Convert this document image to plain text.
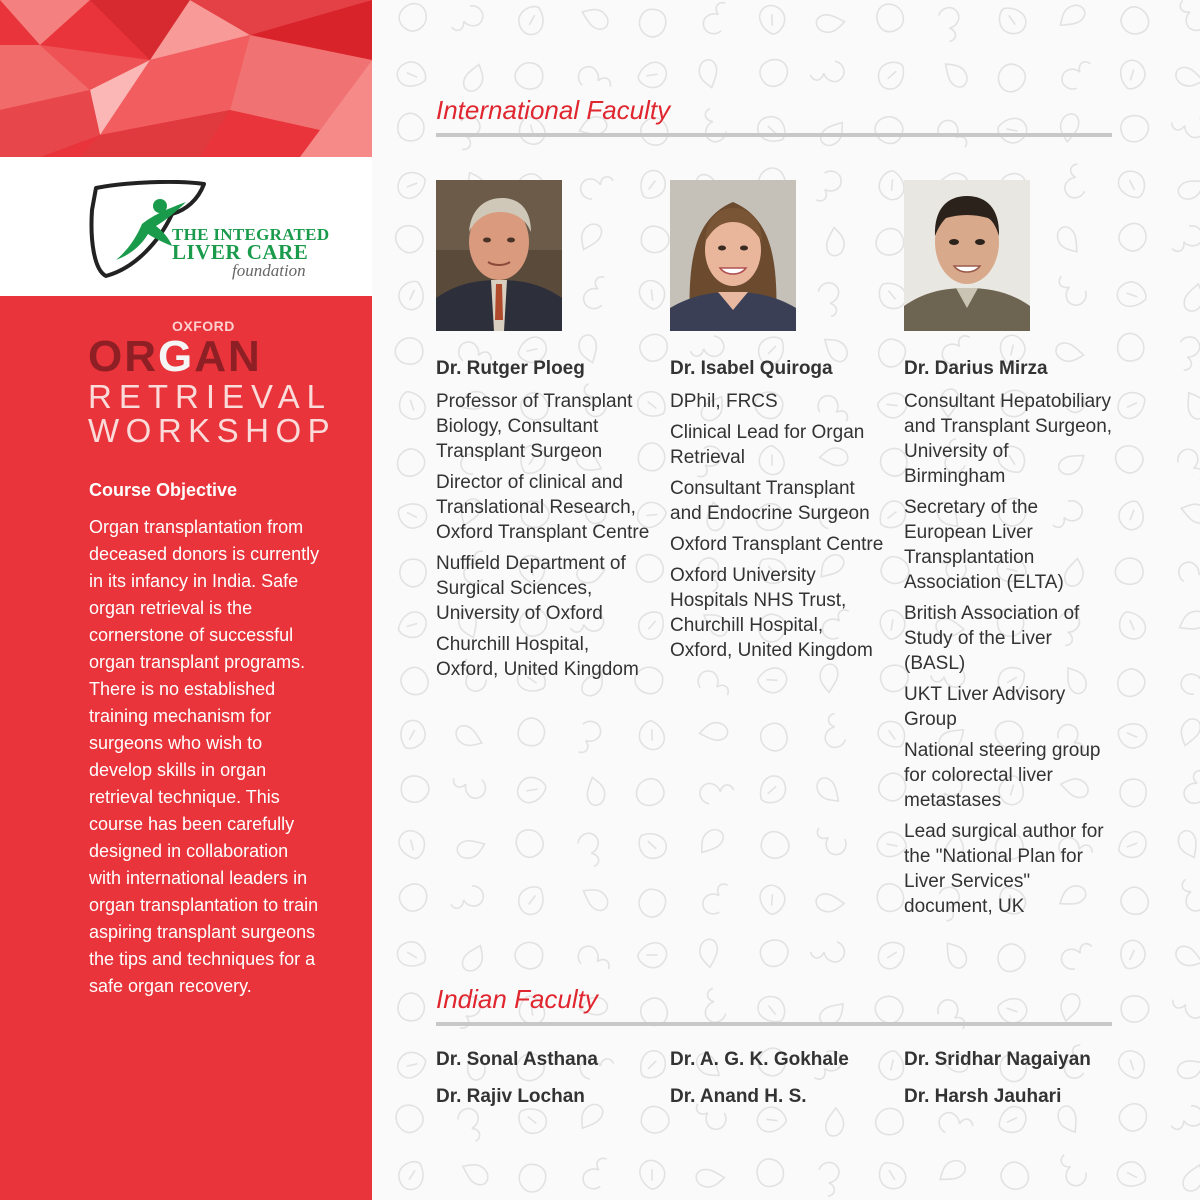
THE INTEGRATED
LIVER CARE
foundation
OXFORD
ORGAN
RETRIEVAL
WORKSHOP
Course Objective
Organ transplantation from deceased donors is currently in its infancy in India. Safe organ retrieval is the cornerstone of successful organ transplant programs. There is no established training mechanism for surgeons who wish to develop skills in organ retrieval technique. This course has been carefully designed in collaboration with international leaders in organ transplantation to train aspiring transplant surgeons the tips and techniques for a safe organ recovery.
International Faculty
Dr. Rutger Ploeg
Professor of Transplant Biology, Consultant Transplant Surgeon
Director of clinical and Translational Research, Oxford Transplant Centre
Nuffield Department of Surgical Sciences, University of Oxford
Churchill Hospital, Oxford, United Kingdom
Dr. Isabel Quiroga
DPhil, FRCS
Clinical Lead for Organ Retrieval
Consultant Transplant and Endocrine Surgeon
Oxford Transplant Centre
Oxford University Hospitals NHS Trust, Churchill Hospital, Oxford, United Kingdom
Dr. Darius Mirza
Consultant Hepatobiliary and Transplant Surgeon, University of Birmingham
Secretary of the European Liver Transplantation Association (ELTA)
British Association of Study of the Liver (BASL)
UKT Liver Advisory Group
National steering group for colorectal liver metastases
Lead surgical author for the "National Plan for Liver Services" document, UK
Indian Faculty
Dr. Sonal Asthana	Dr. A. G. K. Gokhale	Dr. Sridhar Nagaiyan
Dr. Rajiv Lochan	Dr. Anand H. S.	Dr. Harsh Jauhari
